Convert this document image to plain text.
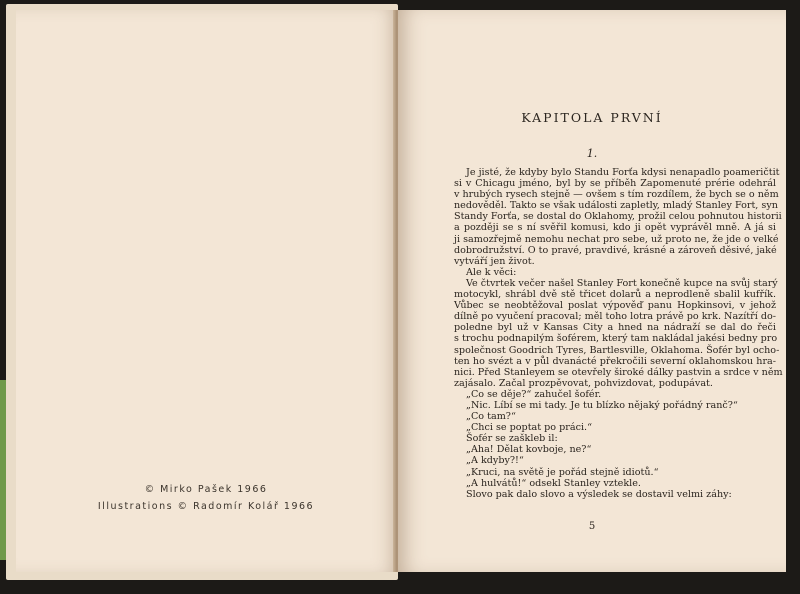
© Mirko Pašek 1966
Illustrations © Radomír Kolář 1966
KAPITOLA PRVNÍ
1.
Je jisté, že kdyby bylo Standu Forťa kdysi nenapadlo poameričtit
si v Chicagu jméno, byl by se příběh Zapomenuté prérie odehrál
v hrubých rysech stejně — ovšem s tím rozdílem, že bych se o něm
nedověděl. Takto se však události zapletly, mladý Stanley Fort, syn
Standy Forťa, se dostal do Oklahomy, prožil celou pohnutou historii
a později se s ní svěřil komusi, kdo ji opět vyprávěl mně. A já si
ji samozřejmě nemohu nechat pro sebe, už proto ne, že jde o velké
dobrodružství. O to pravé, pravdivé, krásné a zároveň děsivé, jaké
vytváří jen život.
Ale k věci:
Ve čtvrtek večer našel Stanley Fort konečně kupce na svůj starý
motocykl, shrábl dvě stě třicet dolarů a neprodleně sbalil kufřík.
Vůbec se neobtěžoval poslat výpověď panu Hopkinsovi, v jehož
dílně po vyučení pracoval; měl toho lotra právě po krk. Nazítří do-
poledne byl už v Kansas City a hned na nádraží se dal do řeči
s trochu podnapilým šoférem, který tam nakládal jakési bedny pro
společnost Goodrich Tyres, Bartlesville, Oklahoma. Šofér byl ocho-
ten ho svézt a v půl dvanácté překročili severní oklahomskou hra-
nici. Před Stanleyem se otevřely široké dálky pastvin a srdce v něm
zajásalo. Začal prozpěvovat, pohvizdovat, podupávat.
„Co se děje?“ zahučel šofér.
„Nic. Líbí se mi tady. Je tu blízko nějaký pořádný ranč?“
„Co tam?“
„Chci se poptat po práci.“
Šofér se zaškleb il:
„Aha! Dělat kovboje, ne?“
„A kdyby?!“
„Kruci, na světě je pořád stejně idiotů.“
„A hulvátů!“ odsekl Stanley vztekle.
Slovo pak dalo slovo a výsledek se dostavil velmi záhy:
5
